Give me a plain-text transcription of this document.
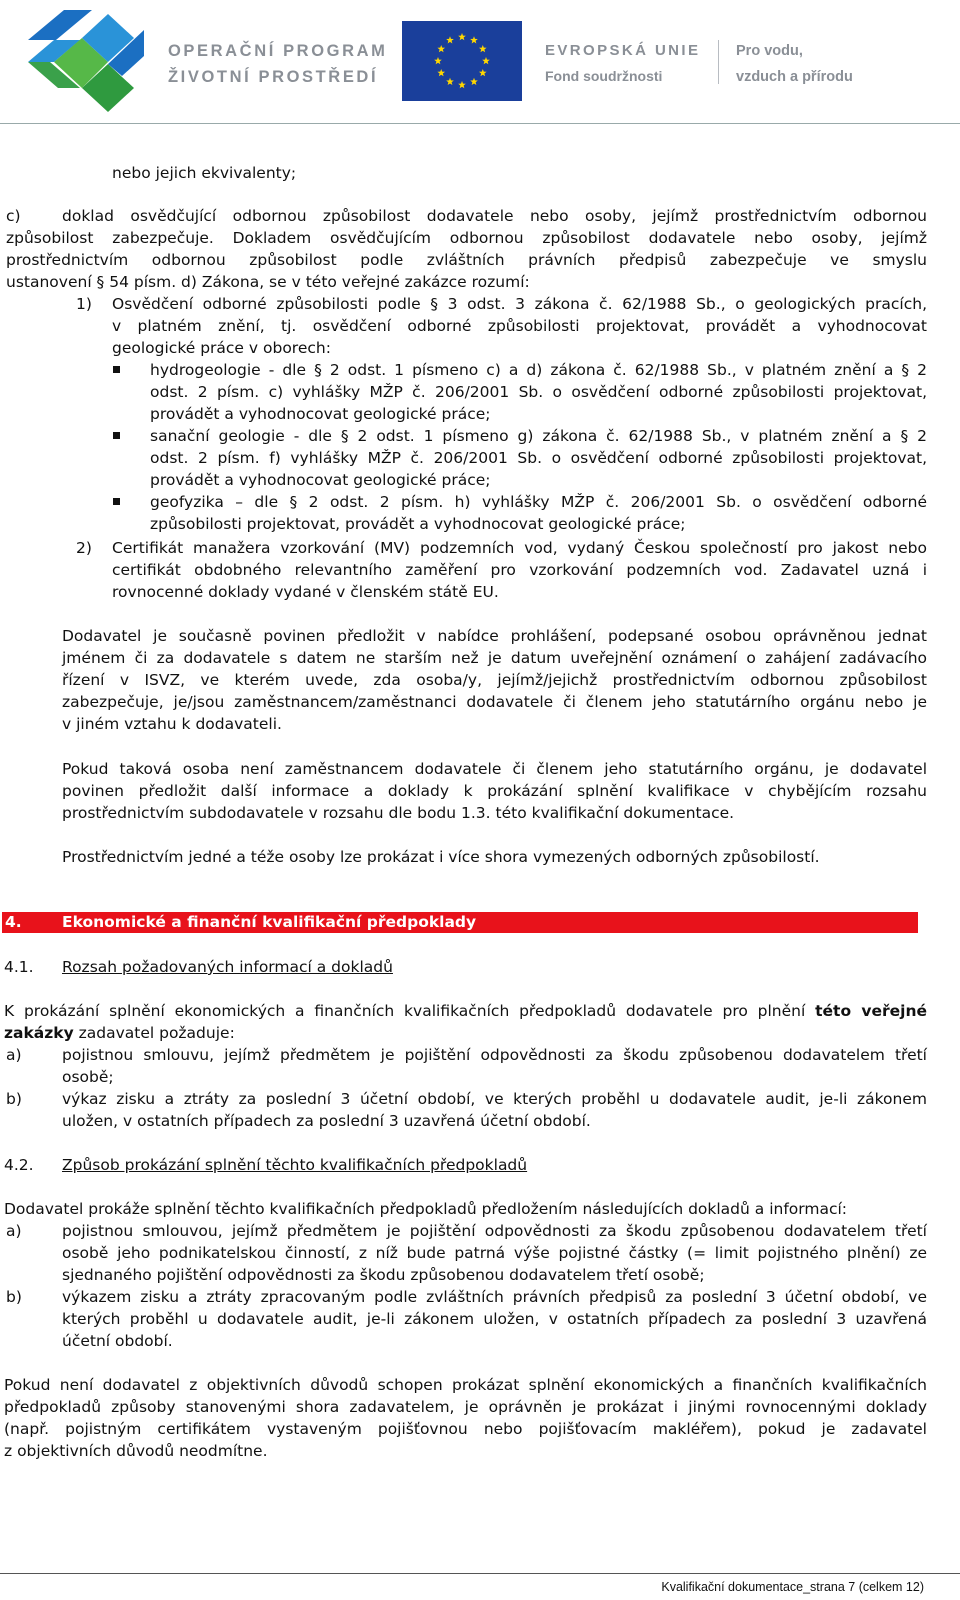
OPERAČNÍ PROGRAM
ŽIVOTNÍ PROSTŘEDÍ
EVROPSKÁ UNIE
Fond soudržnosti
Pro vodu,
vzduch a přírodu
nebo jejich ekvivalenty;
c)	doklad osvědčující odbornou způsobilost dodavatele nebo osoby, jejímž prostřednictvím odbornou
způsobilost zabezpečuje. Dokladem osvědčujícím odbornou způsobilost dodavatele nebo osoby, jejímž
prostřednictvím odbornou způsobilost podle zvláštních právních předpisů zabezpečuje ve smyslu
ustanovení § 54 písm. d) Zákona, se v této veřejné zakázce rozumí:
1) Osvědčení odborné způsobilosti podle § 3 odst. 3 zákona č. 62/1988 Sb., o geologických pracích,
v platném znění, tj. osvědčení odborné způsobilosti projektovat, provádět a vyhodnocovat
geologické práce v oborech:
hydrogeologie - dle § 2 odst. 1 písmeno c) a d) zákona č. 62/1988 Sb., v platném znění a § 2
odst. 2 písm. c) vyhlášky MŽP č. 206/2001 Sb. o osvědčení odborné způsobilosti projektovat,
provádět a vyhodnocovat geologické práce;
sanační geologie - dle § 2 odst. 1 písmeno g) zákona č. 62/1988 Sb., v platném znění a § 2
odst. 2 písm. f) vyhlášky MŽP č. 206/2001 Sb. o osvědčení odborné způsobilosti projektovat,
provádět a vyhodnocovat geologické práce;
geofyzika – dle § 2 odst. 2 písm. h) vyhlášky MŽP č. 206/2001 Sb. o osvědčení odborné
způsobilosti projektovat, provádět a vyhodnocovat geologické práce;
2) Certifikát manažera vzorkování (MV) podzemních vod, vydaný Českou společností pro jakost nebo
certifikát obdobného relevantního zaměření pro vzorkování podzemních vod. Zadavatel uzná i
rovnocenné doklady vydané v členském státě EU.
Dodavatel je současně povinen předložit v nabídce prohlášení, podepsané osobou oprávněnou jednat
jménem či za dodavatele s datem ne starším než je datum uveřejnění oznámení o zahájení zadávacího
řízení v ISVZ, ve kterém uvede, zda osoba/y, jejímž/jejichž prostřednictvím odbornou způsobilost
zabezpečuje, je/jsou zaměstnancem/zaměstnanci dodavatele či členem jeho statutárního orgánu nebo je
v jiném vztahu k dodavateli.
Pokud taková osoba není zaměstnancem dodavatele či členem jeho statutárního orgánu, je dodavatel
povinen předložit další informace a doklady k prokázání splnění kvalifikace v chybějícím rozsahu
prostřednictvím subdodavatele v rozsahu dle bodu 1.3. této kvalifikační dokumentace.
Prostřednictvím jedné a téže osoby lze prokázat i více shora vymezených odborných způsobilostí.
4.	Ekonomické a finanční kvalifikační předpoklady
4.1. Rozsah požadovaných informací a dokladů
K prokázání splnění ekonomických a finančních kvalifikačních předpokladů dodavatele pro plnění této veřejné
zakázky zadavatel požaduje:
a)	pojistnou smlouvu, jejímž předmětem je pojištění odpovědnosti za škodu způsobenou dodavatelem třetí
osobě;
b)	výkaz zisku a ztráty za poslední 3 účetní období, ve kterých proběhl u dodavatele audit, je-li zákonem
uložen, v ostatních případech za poslední 3 uzavřená účetní období.
4.2. Způsob prokázání splnění těchto kvalifikačních předpokladů
Dodavatel prokáže splnění těchto kvalifikačních předpokladů předložením následujících dokladů a informací:
a)	pojistnou smlouvou, jejímž předmětem je pojištění odpovědnosti za škodu způsobenou dodavatelem třetí
osobě jeho podnikatelskou činností, z níž bude patrná výše pojistné částky (= limit pojistného plnění) ze
sjednaného pojištění odpovědnosti za škodu způsobenou dodavatelem třetí osobě;
b)	výkazem zisku a ztráty zpracovaným podle zvláštních právních předpisů za poslední 3 účetní období, ve
kterých proběhl u dodavatele audit, je-li zákonem uložen, v ostatních případech za poslední 3 uzavřená
účetní období.
Pokud není dodavatel z objektivních důvodů schopen prokázat splnění ekonomických a finančních kvalifikačních
předpokladů způsoby stanovenými shora zadavatelem, je oprávněn je prokázat i jinými rovnocennými doklady
(např. pojistným certifikátem vystaveným pojišťovnou nebo pojišťovacím makléřem), pokud je zadavatel
z objektivních důvodů neodmítne.
Kvalifikační dokumentace_strana 7 (celkem 12)
